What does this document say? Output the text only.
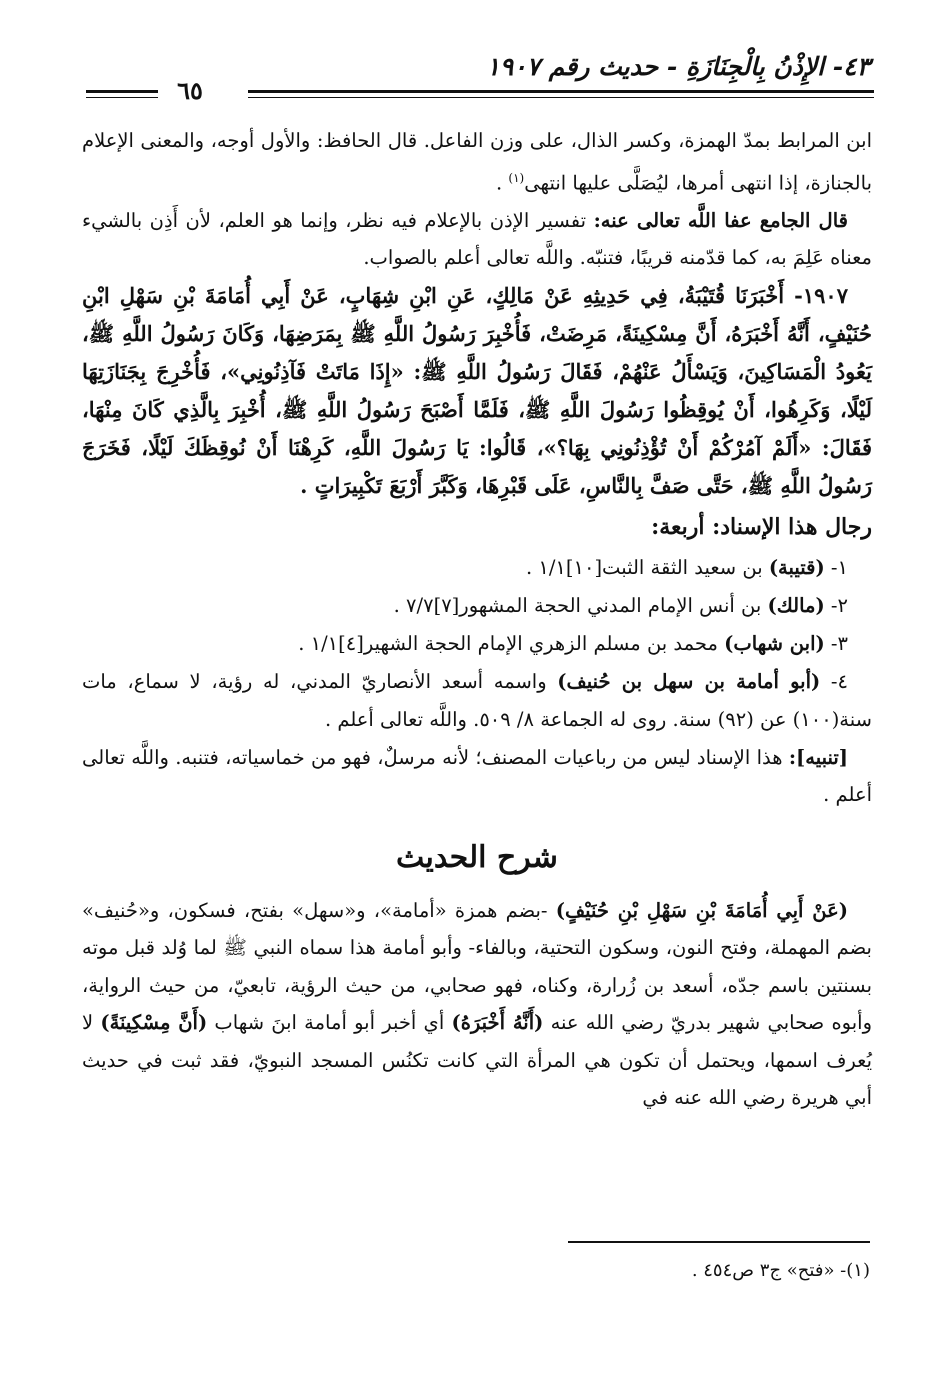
٤٣- الإِذْنُ بِالْجِنَازَةِ - حديث رقم ١٩٠٧
٦٥

ابن المرابط بمدّ الهمزة، وكسر الذال، على وزن الفاعل. قال الحافظ: والأول أوجه، والمعنى الإعلام بالجنازة، إذا انتهى أمرها، ليُصَلَّى عليها انتهى$^{(١)}$ .

قال الجامع عفا اللَّه تعالى عنه: تفسير الإذن بالإعلام فيه نظر، وإنما هو العلم، لأن أَذِن بالشيء معناه عَلِمَ به، كما قدّمنه قريبًا، فتنبّه. واللَّه تعالى أعلم بالصواب.

١٩٠٧- أَخْبَرَنَا قُتَيْبَةُ، فِي حَدِيثِهِ عَنْ مَالِكٍ، عَنِ ابْنِ شِهَابٍ، عَنْ أَبِي أُمَامَةَ بْنِ سَهْلِ ابْنِ حُنَيْفٍ، أَنَّهُ أَخْبَرَهُ، أَنَّ مِسْكِينَةً، مَرِضَتْ، فَأُخْبِرَ رَسُولُ اللَّهِ ﷺ بِمَرَضِهَا، وَكَانَ رَسُولُ اللَّهِ ﷺ، يَعُودُ الْمَسَاكِينَ، وَيَسْأَلُ عَنْهُمْ، فَقَالَ رَسُولُ اللَّهِ ﷺ: «إِذَا مَاتَتْ فَآذِنُونِي»، فَأُخْرِجَ بِجَنَازَتِهَا لَيْلًا، وَكَرِهُوا، أَنْ يُوقِظُوا رَسُولَ اللَّهِ ﷺ، فَلَمَّا أَصْبَحَ رَسُولُ اللَّهِ ﷺ، أُخْبِرَ بِالَّذِي كَانَ مِنْهَا، فَقَالَ: «أَلَمْ آمُرْكُمْ أَنْ تُؤْذِنُونِي بِهَا؟»، قَالُوا: يَا رَسُولَ اللَّهِ، كَرِهْنَا أَنْ نُوقِظَكَ لَيْلًا، فَخَرَجَ رَسُولُ اللَّهِ ﷺ، حَتَّى صَفَّ بِالنَّاسِ، عَلَى قَبْرِهَا، وَكَبَّرَ أَرْبَعَ تَكْبِيرَاتٍ .

رجال هذا الإسناد: أربعة:

١- (قتيبة) بن سعيد الثقة الثبت[١٠]١/١ .

٢- (مالك) بن أنس الإمام المدني الحجة المشهور[٧]٧/٧ .

٣- (ابن شهاب) محمد بن مسلم الزهري الإمام الحجة الشهير[٤]١/١ .

٤- (أبو أمامة بن سهل بن حُنيف) واسمه أسعد الأنصاريّ المدني، له رؤية، لا سماع، مات سنة(١٠٠) عن (٩٢) سنة. روى له الجماعة ٨/ ٥٠٩. واللَّه تعالى أعلم .

[تنبيه]: هذا الإسناد ليس من رباعيات المصنف؛ لأنه مرسلٌ، فهو من خماسياته، فتنبه. واللَّه تعالى أعلم .

شرح الحديث

(عَنْ أَبِي أُمَامَةَ بْنِ سَهْلِ بْنِ حُنَيْفٍ) -بضم همزة «أمامة»، و«سهل» بفتح، فسكون، و«حُنيف» بضم المهملة، وفتح النون، وسكون التحتية، وبالفاء- وأبو أمامة هذا سماه النبي ﷺ لما وُلد قبل موته بسنتين باسم جدّه، أسعد بن زُرارة، وكناه، فهو صحابي، من حيث الرؤية، تابعيّ، من حيث الرواية، وأبوه صحابي شهير بدريّ رضي الله عنه (أَنَّهُ أَخْبَرَهُ) أي أخبر أبو أمامة ابنَ شهاب (أَنَّ مِسْكِينَةً) لا يُعرف اسمها، ويحتمل أن تكون هي المرأة التي كانت تكنُس المسجد النبويّ، فقد ثبت في حديث أبي هريرة رضي الله عنه في

(١)- «فتح» ج٣ ص٤٥٤ .
